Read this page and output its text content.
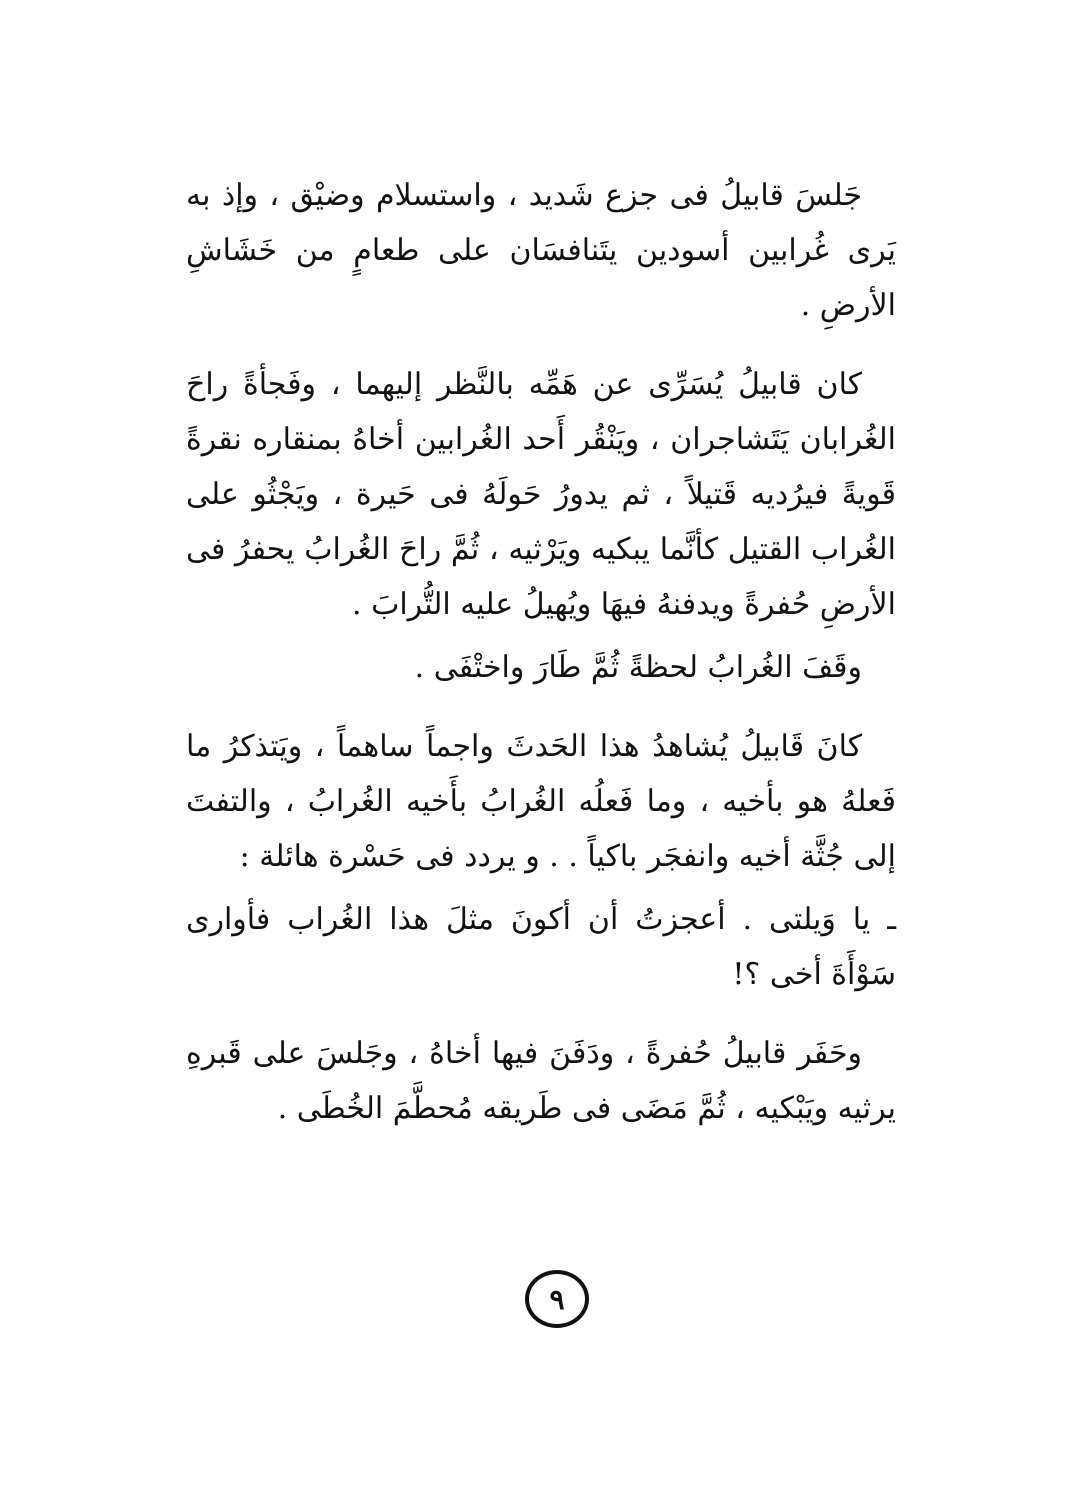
جَلسَ قابيلُ فى جزع شَديد ، واستسلام وضيْق ، وإذ به
يَرى غُرابين أسودين يتَنافسَان على طعامٍ من خَشَاشِ
الأرضِ .
كان قابيلُ يُسَرِّى عن هَمِّه بالنَّظر إليهما ، وفَجأةً راحَ
الغُرابان يَتَشاجران ، ويَنْقُر أَحد الغُرابين أخاهُ بمنقاره نقرةً
قَويةً فيرُديه قَتيلاً ، ثم يدورُ حَولَهُ فى حَيرة ، ويَجْثُو على
الغُراب القتيل كأنَّما يبكيه ويَرْثيه ، ثُمَّ راحَ الغُرابُ يحفرُ فى
الأرضِ حُفرةً ويدفنهُ فيهَا ويُهيلُ عليه التُّرابَ .
وقَفَ الغُرابُ لحظةً ثُمَّ طَارَ واختْفَى .
كانَ قَابيلُ يُشاهدُ هذا الحَدثَ واجماً ساهماً ، ويَتذكرُ ما
فَعلهُ هو بأخيه ، وما فَعلُه الغُرابُ بأَخيه الغُرابُ ، والتفتَ
إلى جُثَّة أخيه وانفجَر باكياً . . و يردد فى حَسْرة هائلة :
ـ يا وَيلتى . أعجزتُ أن أكونَ مثلَ هذا الغُراب فأوارى
سَوْأَةَ أخى ؟!
وحَفَر قابيلُ حُفرةً ، ودَفَنَ فيها أخاهُ ، وجَلسَ على قَبرهِ
يرثيه ويَبْكيه ، ثُمَّ مَضَى فى طَريقه مُحطَّمَ الخُطَى .
٩
